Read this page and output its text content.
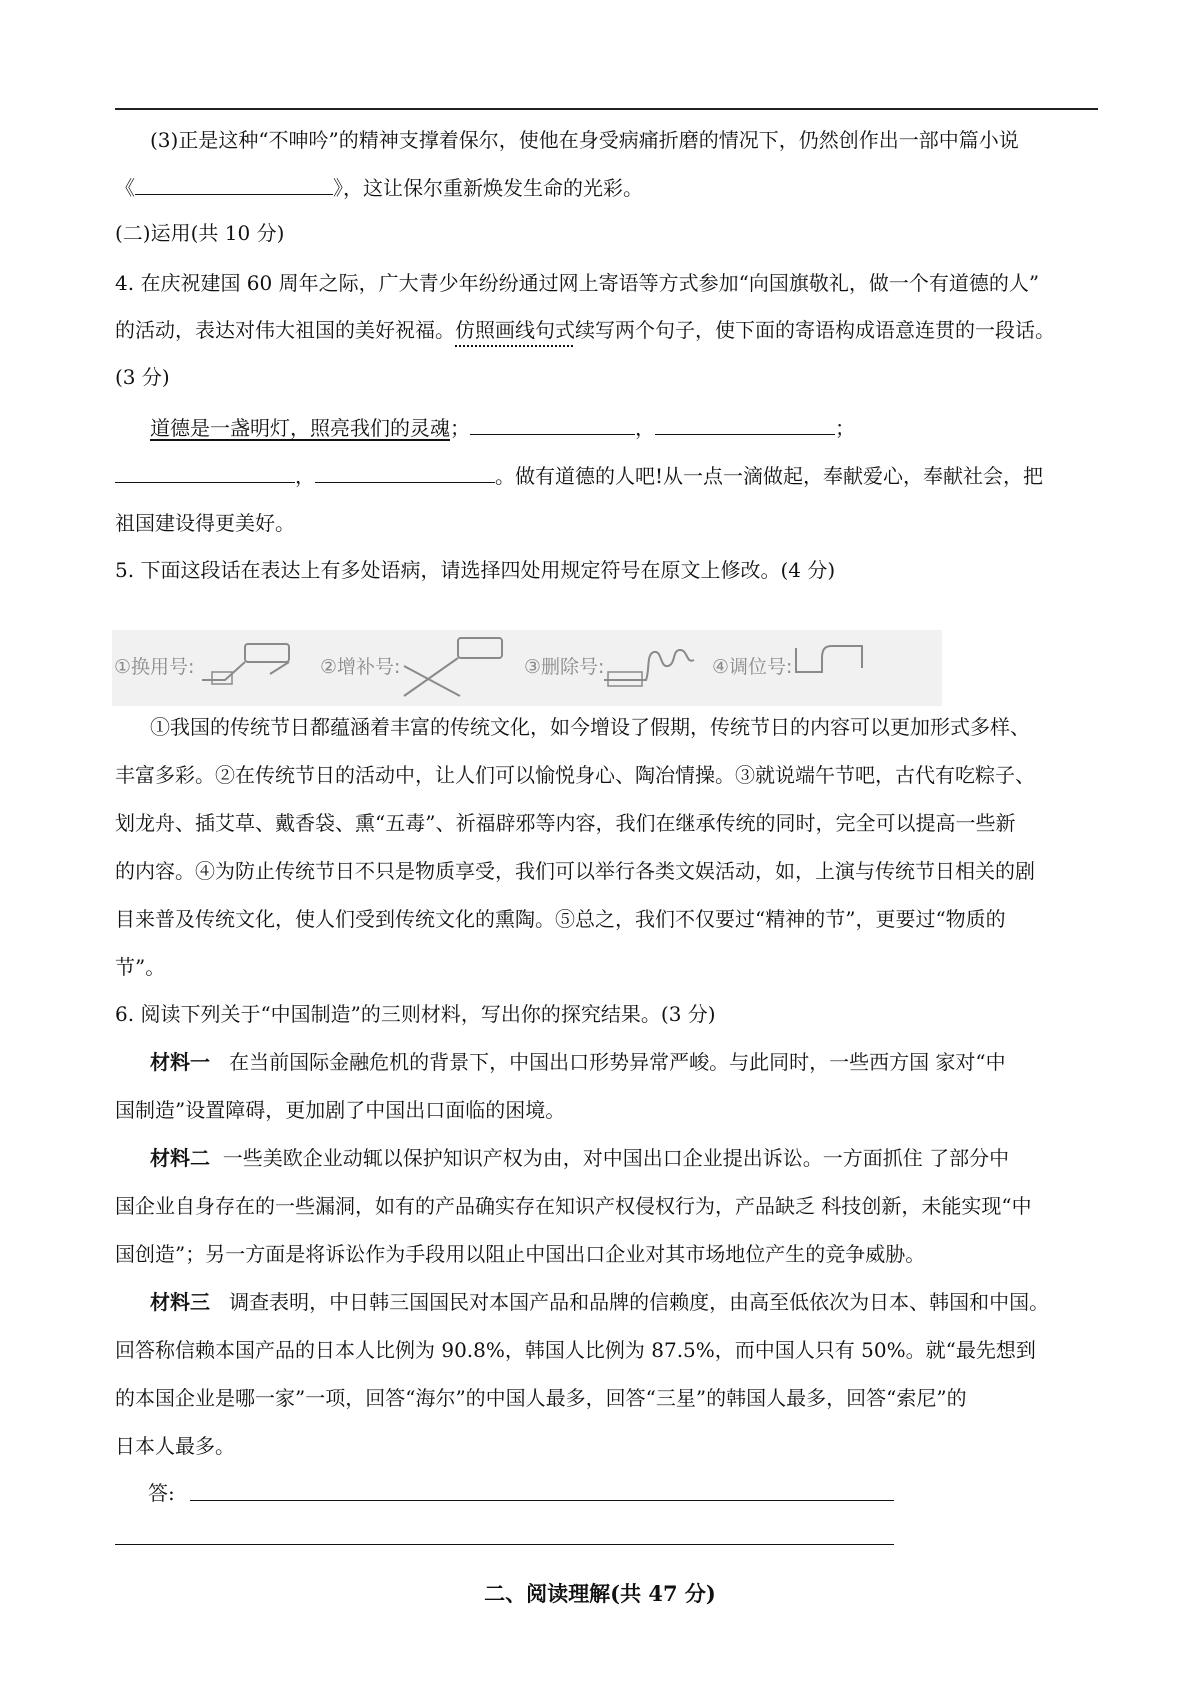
(3)正是这种“不呻吟”的精神支撑着保尔，使他在身受病痛折磨的情况下，仍然创作出一部中篇小说
《	》，这让保尔重新焕发生命的光彩。
(二)运用(共 10 分)
4. 在庆祝建国 60 周年之际，广大青少年纷纷通过网上寄语等方式参加“向国旗敬礼，做一个有道德的人”
的活动，表达对伟大祖国的美好祝福。仿照画线句式续写两个句子，使下面的寄语构成语意连贯的一段话。
(3 分)
道德是一盏明灯，照亮我们的灵魂；	，	；
，	。做有道德的人吧!从一点一滴做起，奉献爱心，奉献社会，把
祖国建设得更美好。
5. 下面这段话在表达上有多处语病，请选择四处用规定符号在原文上修改。(4 分)
①换用号:	②增补号:	③删除号:	④调位号:
①我国的传统节日都蕴涵着丰富的传统文化，如今增设了假期，传统节日的内容可以更加形式多样、
丰富多彩。②在传统节日的活动中，让人们可以愉悦身心、陶冶情操。③就说端午节吧，古代有吃粽子、
划龙舟、插艾草、戴香袋、熏“五毒”、祈福辟邪等内容，我们在继承传统的同时，完全可以提高一些新
的内容。④为防止传统节日不只是物质享受，我们可以举行各类文娱活动，如，上演与传统节日相关的剧
目来普及传统文化，使人们受到传统文化的熏陶。⑤总之，我们不仅要过“精神的节”，更要过“物质的
节”。
6. 阅读下列关于“中国制造”的三则材料，写出你的探究结果。(3 分)
材料一 在当前国际金融危机的背景下，中国出口形势异常严峻。与此同时，一些西方国 家对“中
国制造”设置障碍，更加剧了中国出口面临的困境。
材料二 一些美欧企业动辄以保护知识产权为由，对中国出口企业提出诉讼。一方面抓住 了部分中
国企业自身存在的一些漏洞，如有的产品确实存在知识产权侵权行为，产品缺乏 科技创新，未能实现“中
国创造”；另一方面是将诉讼作为手段用以阻止中国出口企业对其市场地位产生的竞争威胁。
材料三 调查表明，中日韩三国国民对本国产品和品牌的信赖度，由高至低依次为日本、韩国和中国。
回答称信赖本国产品的日本人比例为 90.8%，韩国人比例为 87.5%，而中国人只有 50%。就“最先想到
的本国企业是哪一家”一项，回答“海尔”的中国人最多，回答“三星”的韩国人最多，回答“索尼”的
日本人最多。
答:
二、阅读理解(共 47 分)
